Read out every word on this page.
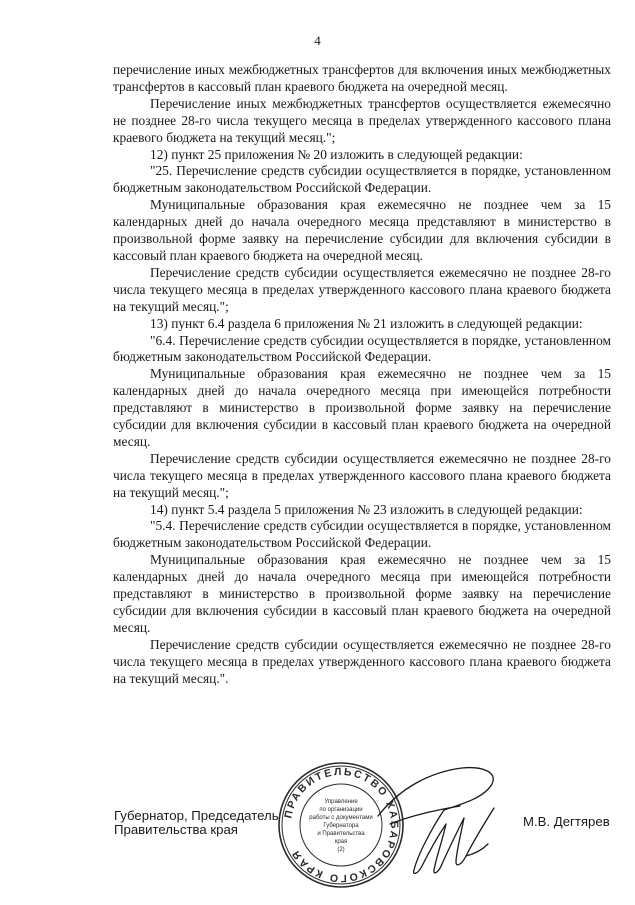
4

перечисление иных межбюджетных трансфертов для включения иных межбюджетных трансфертов в кассовый план краевого бюджета на очередной месяц.

Перечисление иных межбюджетных трансфертов осуществляется ежемесячно не позднее 28-го числа текущего месяца в пределах утвержденного кассового плана краевого бюджета на текущий месяц.";

12) пункт 25 приложения № 20 изложить в следующей редакции:

"25. Перечисление средств субсидии осуществляется в порядке, установленном бюджетным законодательством Российской Федерации.

Муниципальные образования края ежемесячно не позднее чем за 15 календарных дней до начала очередного месяца представляют в министерство в произвольной форме заявку на перечисление субсидии для включения субсидии в кассовый план краевого бюджета на очередной месяц.

Перечисление средств субсидии осуществляется ежемесячно не позднее 28-го числа текущего месяца в пределах утвержденного кассового плана краевого бюджета на текущий месяц.";

13) пункт 6.4 раздела 6 приложения № 21 изложить в следующей редакции:

"6.4. Перечисление средств субсидии осуществляется в порядке, установленном бюджетным законодательством Российской Федерации.

Муниципальные образования края ежемесячно не позднее чем за 15 календарных дней до начала очередного месяца при имеющейся потребности представляют в министерство в произвольной форме заявку на перечисление субсидии для включения субсидии в кассовый план краевого бюджета на очередной месяц.

Перечисление средств субсидии осуществляется ежемесячно не позднее 28-го числа текущего месяца в пределах утвержденного кассового плана краевого бюджета на текущий месяц.";

14) пункт 5.4 раздела 5 приложения № 23 изложить в следующей редакции:

"5.4. Перечисление средств субсидии осуществляется в порядке, установленном бюджетным законодательством Российской Федерации.

Муниципальные образования края ежемесячно не позднее чем за 15 календарных дней до начала очередного месяца при имеющейся потребности представляют в министерство в произвольной форме заявку на перечисление субсидии для включения субсидии в кассовый план краевого бюджета на очередной месяц.

Перечисление средств субсидии осуществляется ежемесячно не позднее 28-го числа текущего месяца в пределах утвержденного кассового плана краевого бюджета на текущий месяц.".

Губернатор, Председатель
Правительства края
ПРАВИТЕЛЬСТВО ХАБАРОВСКОГО КРАЯ
Управление
по организации
работы с документами
Губернатора
и Правительства
края
(2)
М.В. Дегтярев
